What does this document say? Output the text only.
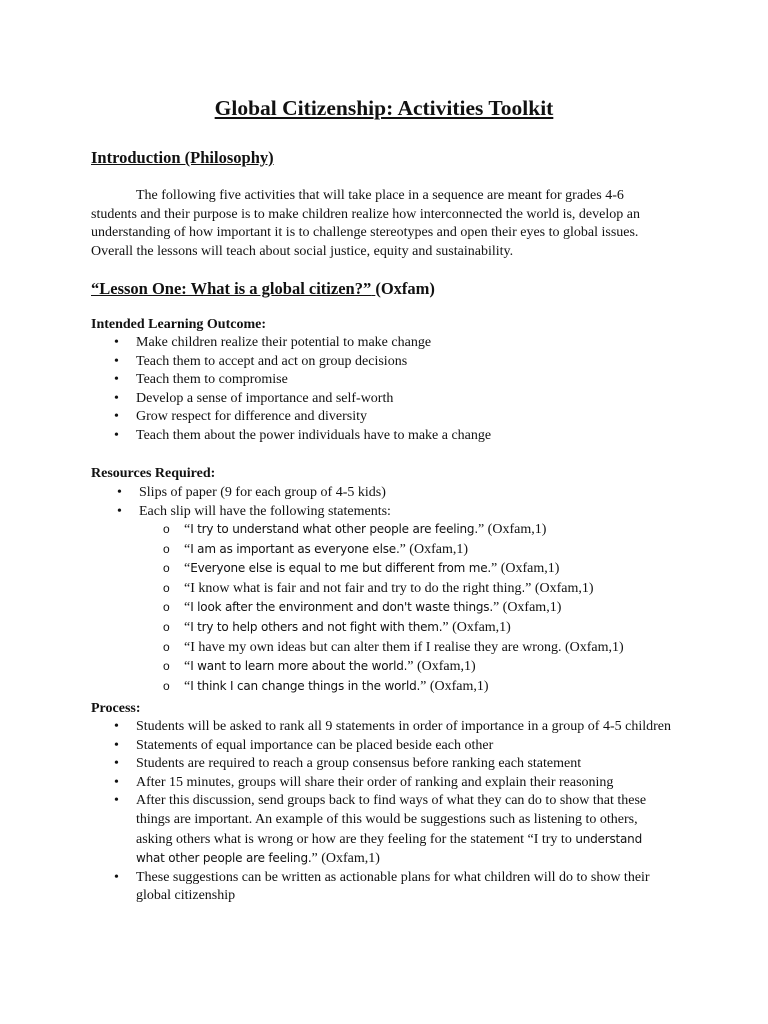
Global Citizenship: Activities Toolkit
Introduction (Philosophy)

The following five activities that will take place in a sequence are meant for grades 4-6 students and their purpose is to make children realize how interconnected the world is, develop an understanding of how important it is to challenge stereotypes and open their eyes to global issues. Overall the lessons will teach about social justice, equity and sustainability.

“Lesson One: What is a global citizen?” (Oxfam)
Intended Learning Outcome:
• Make children realize their potential to make change
• Teach them to accept and act on group decisions
• Teach them to compromise
• Develop a sense of importance and self-worth
• Grow respect for difference and diversity
• Teach them about the power individuals have to make a change
Resources Required:
• Slips of paper (9 for each group of 4-5 kids)
• Each slip will have the following statements:
o “I try to understand what other people are feeling.” (Oxfam,1)
o “I am as important as everyone else.” (Oxfam,1)
o “Everyone else is equal to me but different from me.” (Oxfam,1)
o “I know what is fair and not fair and try to do the right thing.” (Oxfam,1)
o “I look after the environment and don't waste things.” (Oxfam,1)
o “I try to help others and not fight with them.” (Oxfam,1)
o “I have my own ideas but can alter them if I realise they are wrong. (Oxfam,1)
o “I want to learn more about the world.” (Oxfam,1)
o “I think I can change things in the world.” (Oxfam,1)
Process:
• Students will be asked to rank all 9 statements in order of importance in a group of 4-5 children
• Statements of equal importance can be placed beside each other
• Students are required to reach a group consensus before ranking each statement
• After 15 minutes, groups will share their order of ranking and explain their reasoning
• After this discussion, send groups back to find ways of what they can do to show that these things are important. An example of this would be suggestions such as listening to others, asking others what is wrong or how are they feeling for the statement “I try to understand what other people are feeling.” (Oxfam,1)
• These suggestions can be written as actionable plans for what children will do to show their global citizenship
